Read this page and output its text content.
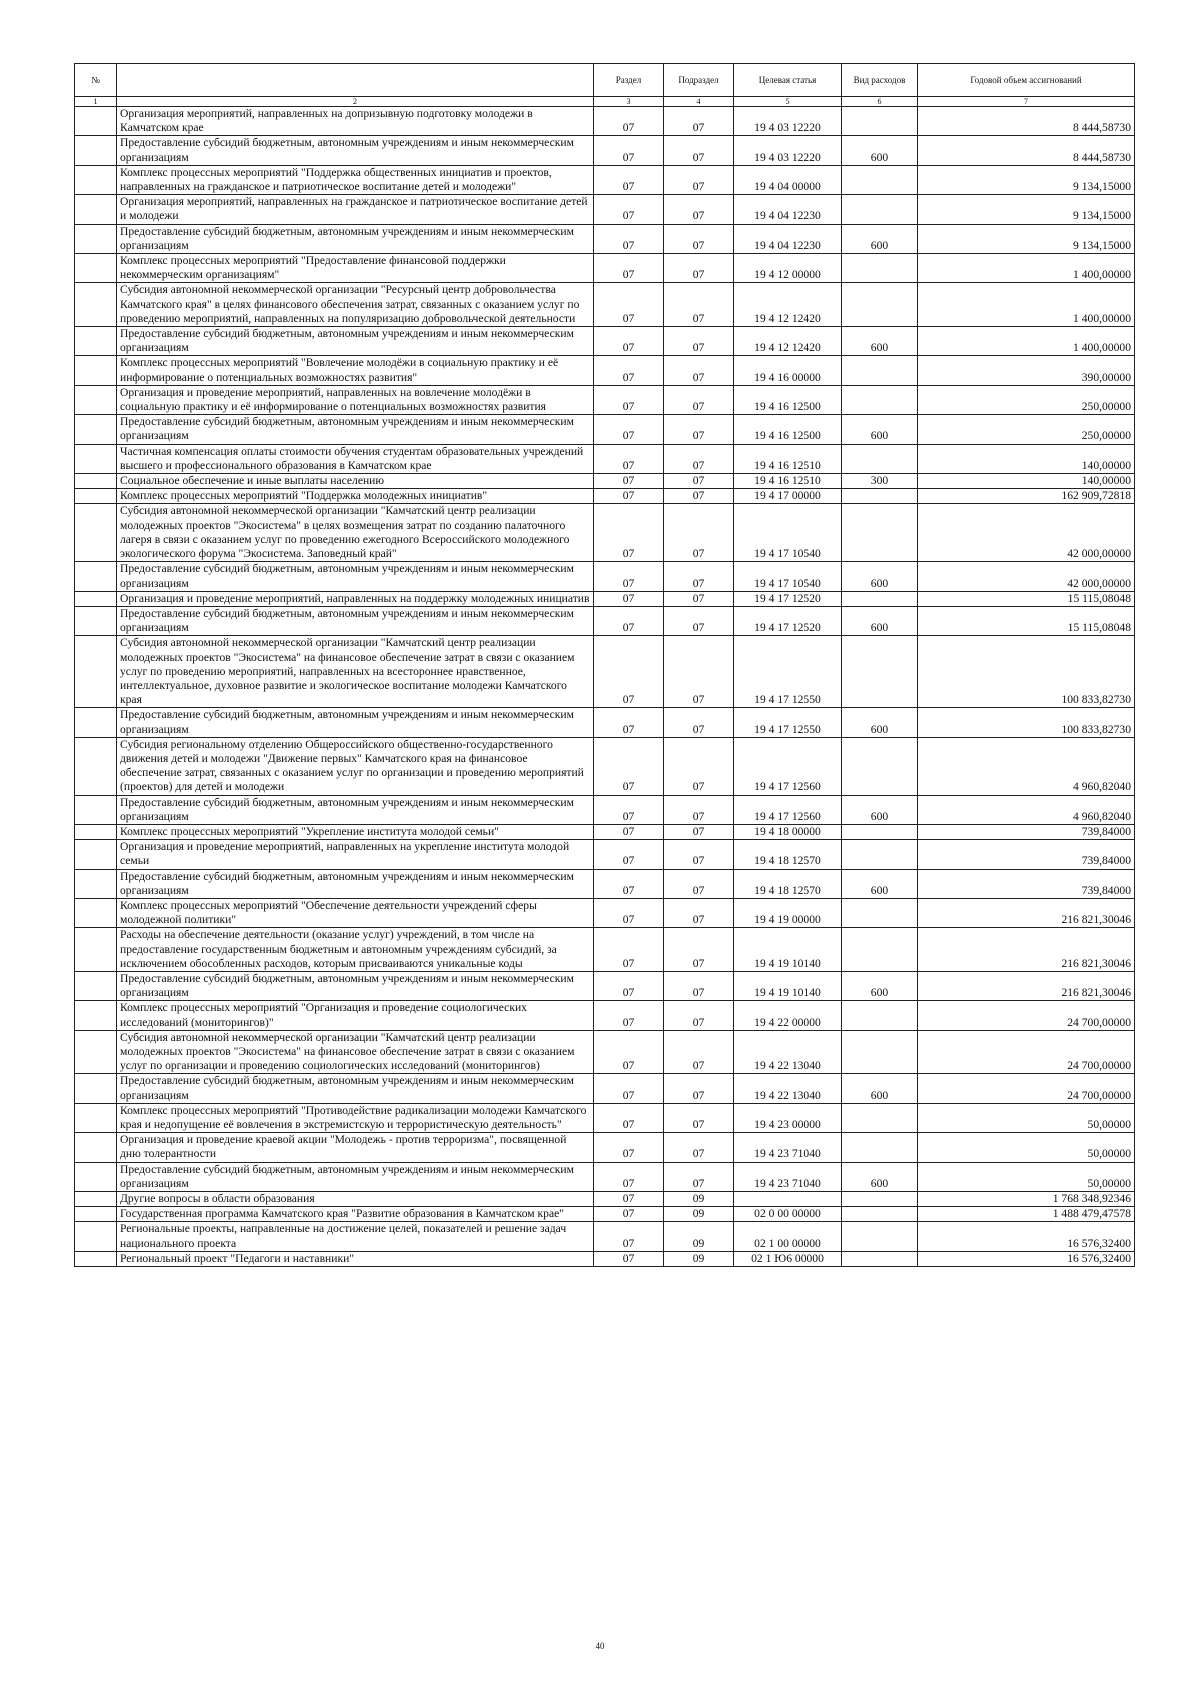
№		Раздел	Подраздел	Целевая статья	Вид расходов	Годовой объем ассигнований
1	2	3	4	5	6	7
	Организация мероприятий, направленных на допризывную подготовку молодежи в Камчатском крае	07	07	19 4 03 12220		8 444,58730
	Предоставление субсидий бюджетным, автономным учреждениям и иным некоммерческим организациям	07	07	19 4 03 12220	600	8 444,58730
	Комплекс процессных мероприятий "Поддержка общественных инициатив и проектов, направленных на гражданское и патриотическое воспитание детей и молодежи"	07	07	19 4 04 00000		9 134,15000
	Организация мероприятий, направленных на гражданское и патриотическое воспитание детей и молодежи	07	07	19 4 04 12230		9 134,15000
	Предоставление субсидий бюджетным, автономным учреждениям и иным некоммерческим организациям	07	07	19 4 04 12230	600	9 134,15000
	Комплекс процессных мероприятий "Предоставление финансовой поддержки некоммерческим организациям"	07	07	19 4 12 00000		1 400,00000
	Субсидия автономной некоммерческой организации "Ресурсный центр добровольчества Камчатского края" в целях финансового обеспечения затрат, связанных с оказанием услуг по проведению мероприятий, направленных на популяризацию добровольческой деятельности	07	07	19 4 12 12420		1 400,00000
	Предоставление субсидий бюджетным, автономным учреждениям и иным некоммерческим организациям	07	07	19 4 12 12420	600	1 400,00000
	Комплекс процессных мероприятий "Вовлечение молодёжи в социальную практику и её информирование о потенциальных возможностях развития"	07	07	19 4 16 00000		390,00000
	Организация и проведение мероприятий, направленных на вовлечение молодёжи в социальную практику и её информирование о потенциальных возможностях развития	07	07	19 4 16 12500		250,00000
	Предоставление субсидий бюджетным, автономным учреждениям и иным некоммерческим организациям	07	07	19 4 16 12500	600	250,00000
	Частичная компенсация оплаты стоимости обучения студентам образовательных учреждений высшего и профессионального образования в Камчатском крае	07	07	19 4 16 12510		140,00000
	Социальное обеспечение и иные выплаты населению	07	07	19 4 16 12510	300	140,00000
	Комплекс процессных мероприятий "Поддержка молодежных инициатив"	07	07	19 4 17 00000		162 909,72818
	Субсидия автономной некоммерческой организации "Камчатский центр реализации молодежных проектов "Экосистема" в целях возмещения затрат по созданию палаточного лагеря в связи с оказанием услуг по проведению ежегодного Всероссийского молодежного экологического форума "Экосистема. Заповедный край"	07	07	19 4 17 10540		42 000,00000
	Предоставление субсидий бюджетным, автономным учреждениям и иным некоммерческим организациям	07	07	19 4 17 10540	600	42 000,00000
	Организация и проведение мероприятий, направленных на поддержку молодежных инициатив	07	07	19 4 17 12520		15 115,08048
	Предоставление субсидий бюджетным, автономным учреждениям и иным некоммерческим организациям	07	07	19 4 17 12520	600	15 115,08048
	Субсидия автономной некоммерческой организации "Камчатский центр реализации молодежных проектов "Экосистема" на финансовое обеспечение затрат в связи с оказанием услуг по проведению мероприятий, направленных на всестороннее нравственное, интеллектуальное, духовное развитие и экологическое воспитание молодежи Камчатского края	07	07	19 4 17 12550		100 833,82730
	Предоставление субсидий бюджетным, автономным учреждениям и иным некоммерческим организациям	07	07	19 4 17 12550	600	100 833,82730
	Субсидия региональному отделению Общероссийского общественно-государственного движения детей и молодежи "Движение первых" Камчатского края на финансовое обеспечение затрат, связанных с оказанием услуг по организации и проведению мероприятий (проектов) для детей и молодежи	07	07	19 4 17 12560		4 960,82040
	Предоставление субсидий бюджетным, автономным учреждениям и иным некоммерческим организациям	07	07	19 4 17 12560	600	4 960,82040
	Комплекс процессных мероприятий "Укрепление института молодой семьи"	07	07	19 4 18 00000		739,84000
	Организация и проведение мероприятий, направленных на укрепление института молодой семьи	07	07	19 4 18 12570		739,84000
	Предоставление субсидий бюджетным, автономным учреждениям и иным некоммерческим организациям	07	07	19 4 18 12570	600	739,84000
	Комплекс процессных мероприятий "Обеспечение деятельности учреждений сферы молодежной политики"	07	07	19 4 19 00000		216 821,30046
	Расходы на обеспечение деятельности (оказание услуг) учреждений, в том числе на предоставление государственным бюджетным и автономным учреждениям субсидий, за исключением обособленных расходов, которым присваиваются уникальные коды	07	07	19 4 19 10140		216 821,30046
	Предоставление субсидий бюджетным, автономным учреждениям и иным некоммерческим организациям	07	07	19 4 19 10140	600	216 821,30046
	Комплекс процессных мероприятий "Организация и проведение социологических исследований (мониторингов)"	07	07	19 4 22 00000		24 700,00000
	Субсидия автономной некоммерческой организации "Камчатский центр реализации молодежных проектов "Экосистема" на финансовое обеспечение затрат в связи с оказанием услуг по организации и проведению социологических исследований (мониторингов)	07	07	19 4 22 13040		24 700,00000
	Предоставление субсидий бюджетным, автономным учреждениям и иным некоммерческим организациям	07	07	19 4 22 13040	600	24 700,00000
	Комплекс процессных мероприятий "Противодействие радикализации молодежи Камчатского края и недопущение её вовлечения в экстремистскую и террористическую деятельность"	07	07	19 4 23 00000		50,00000
	Организация и проведение краевой акции "Молодежь - против терроризма", посвященной дню толерантности	07	07	19 4 23 71040		50,00000
	Предоставление субсидий бюджетным, автономным учреждениям и иным некоммерческим организациям	07	07	19 4 23 71040	600	50,00000
	Другие вопросы в области образования	07	09			1 768 348,92346
	Государственная программа Камчатского края "Развитие образования в Камчатском крае"	07	09	02 0 00 00000		1 488 479,47578
	Региональные проекты, направленные на достижение целей, показателей и решение задач национального проекта	07	09	02 1 00 00000		16 576,32400
	Региональный проект "Педагоги и наставники"	07	09	02 1 Ю6 00000		16 576,32400
40
